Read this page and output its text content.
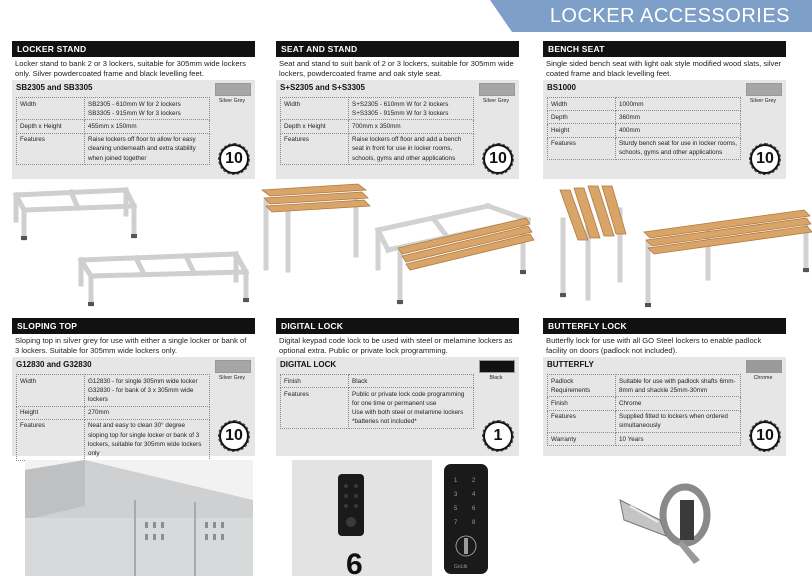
LOCKER ACCESSORIES
LOCKER STAND
Locker stand to bank 2 or 3 lockers, suitable for 305mm wide lockers only. Silver powdercoated frame and black levelling feet.
SB2305 and SB3305
Silver Grey
Width	SB2305 - 610mm W for 2 lockers
SB3305 - 915mm W for 3 lockers
Depth x Height	455mm x 150mm
Features	Raise lockers off floor to allow for easy cleaning underneath and extra stability when joined together	10
SEAT AND STAND
Seat and stand to suit bank of 2 or 3 lockers, suitable for 305mm wide lockers, powdercoated frame and oak style seat.
S+S2305 and S+S3305
Silver Grey
Width	S+S2305 - 610mm W for 2 lockers
S+S3305 - 915mm W for 3 lockers
Depth x Height	700mm x 350mm
Features	Raise lockers off floor and add a bench seat in front for use in locker rooms, schools, gyms and other applications 10
BENCH SEAT
Single sided bench seat with light oak style modified wood slats, silver coated frame and black levelling feet.
BS1000
Silver Grey
Width	1000mm
Depth	360mm
Height	400mm
Features	Sturdy bench seat for use in locker rooms, schools, gyms and other applications 10
SLOPING TOP
Sloping top in silver grey for use with either a single locker or bank of 3 lockers. Suitable for 305mm wide lockers only.
G12830 and G32830
Silver Grey
Width	G12830 - for single 305mm wide locker
G32830 - for bank of 3 x 305mm wide lockers
Height	270mm
Features	Neat and easy to clean 30° degree sloping top for single locker or bank of 3 lockers, suitable for 305mm wide lockers only
10
DIGITAL LOCK
Digital keypad code lock to be used with steel or melamine lockers as optional extra. Public or private lock programming.
DIGITAL LOCK
Black
Finish	Black
Features	Public or private lock code programming for one time or permanent use
Use with both steel or melamine lockers
*batteries not included*
1
BUTTERFLY LOCK
Butterfly lock for use with all GO Steel lockers to enable padlock facility on doors (padlock not included).
BUTTERFLY
Chrome
Padlock Requirements	Suitable for use with padlock shafts 6mm-8mm and shackle 25mm-30mm
Finish	Chrome
Features	Supplied fitted to lockers when ordered simultaneously
Warranty	10 Years	10
6
1 2
3 4
5 6
7 8
GoLib
